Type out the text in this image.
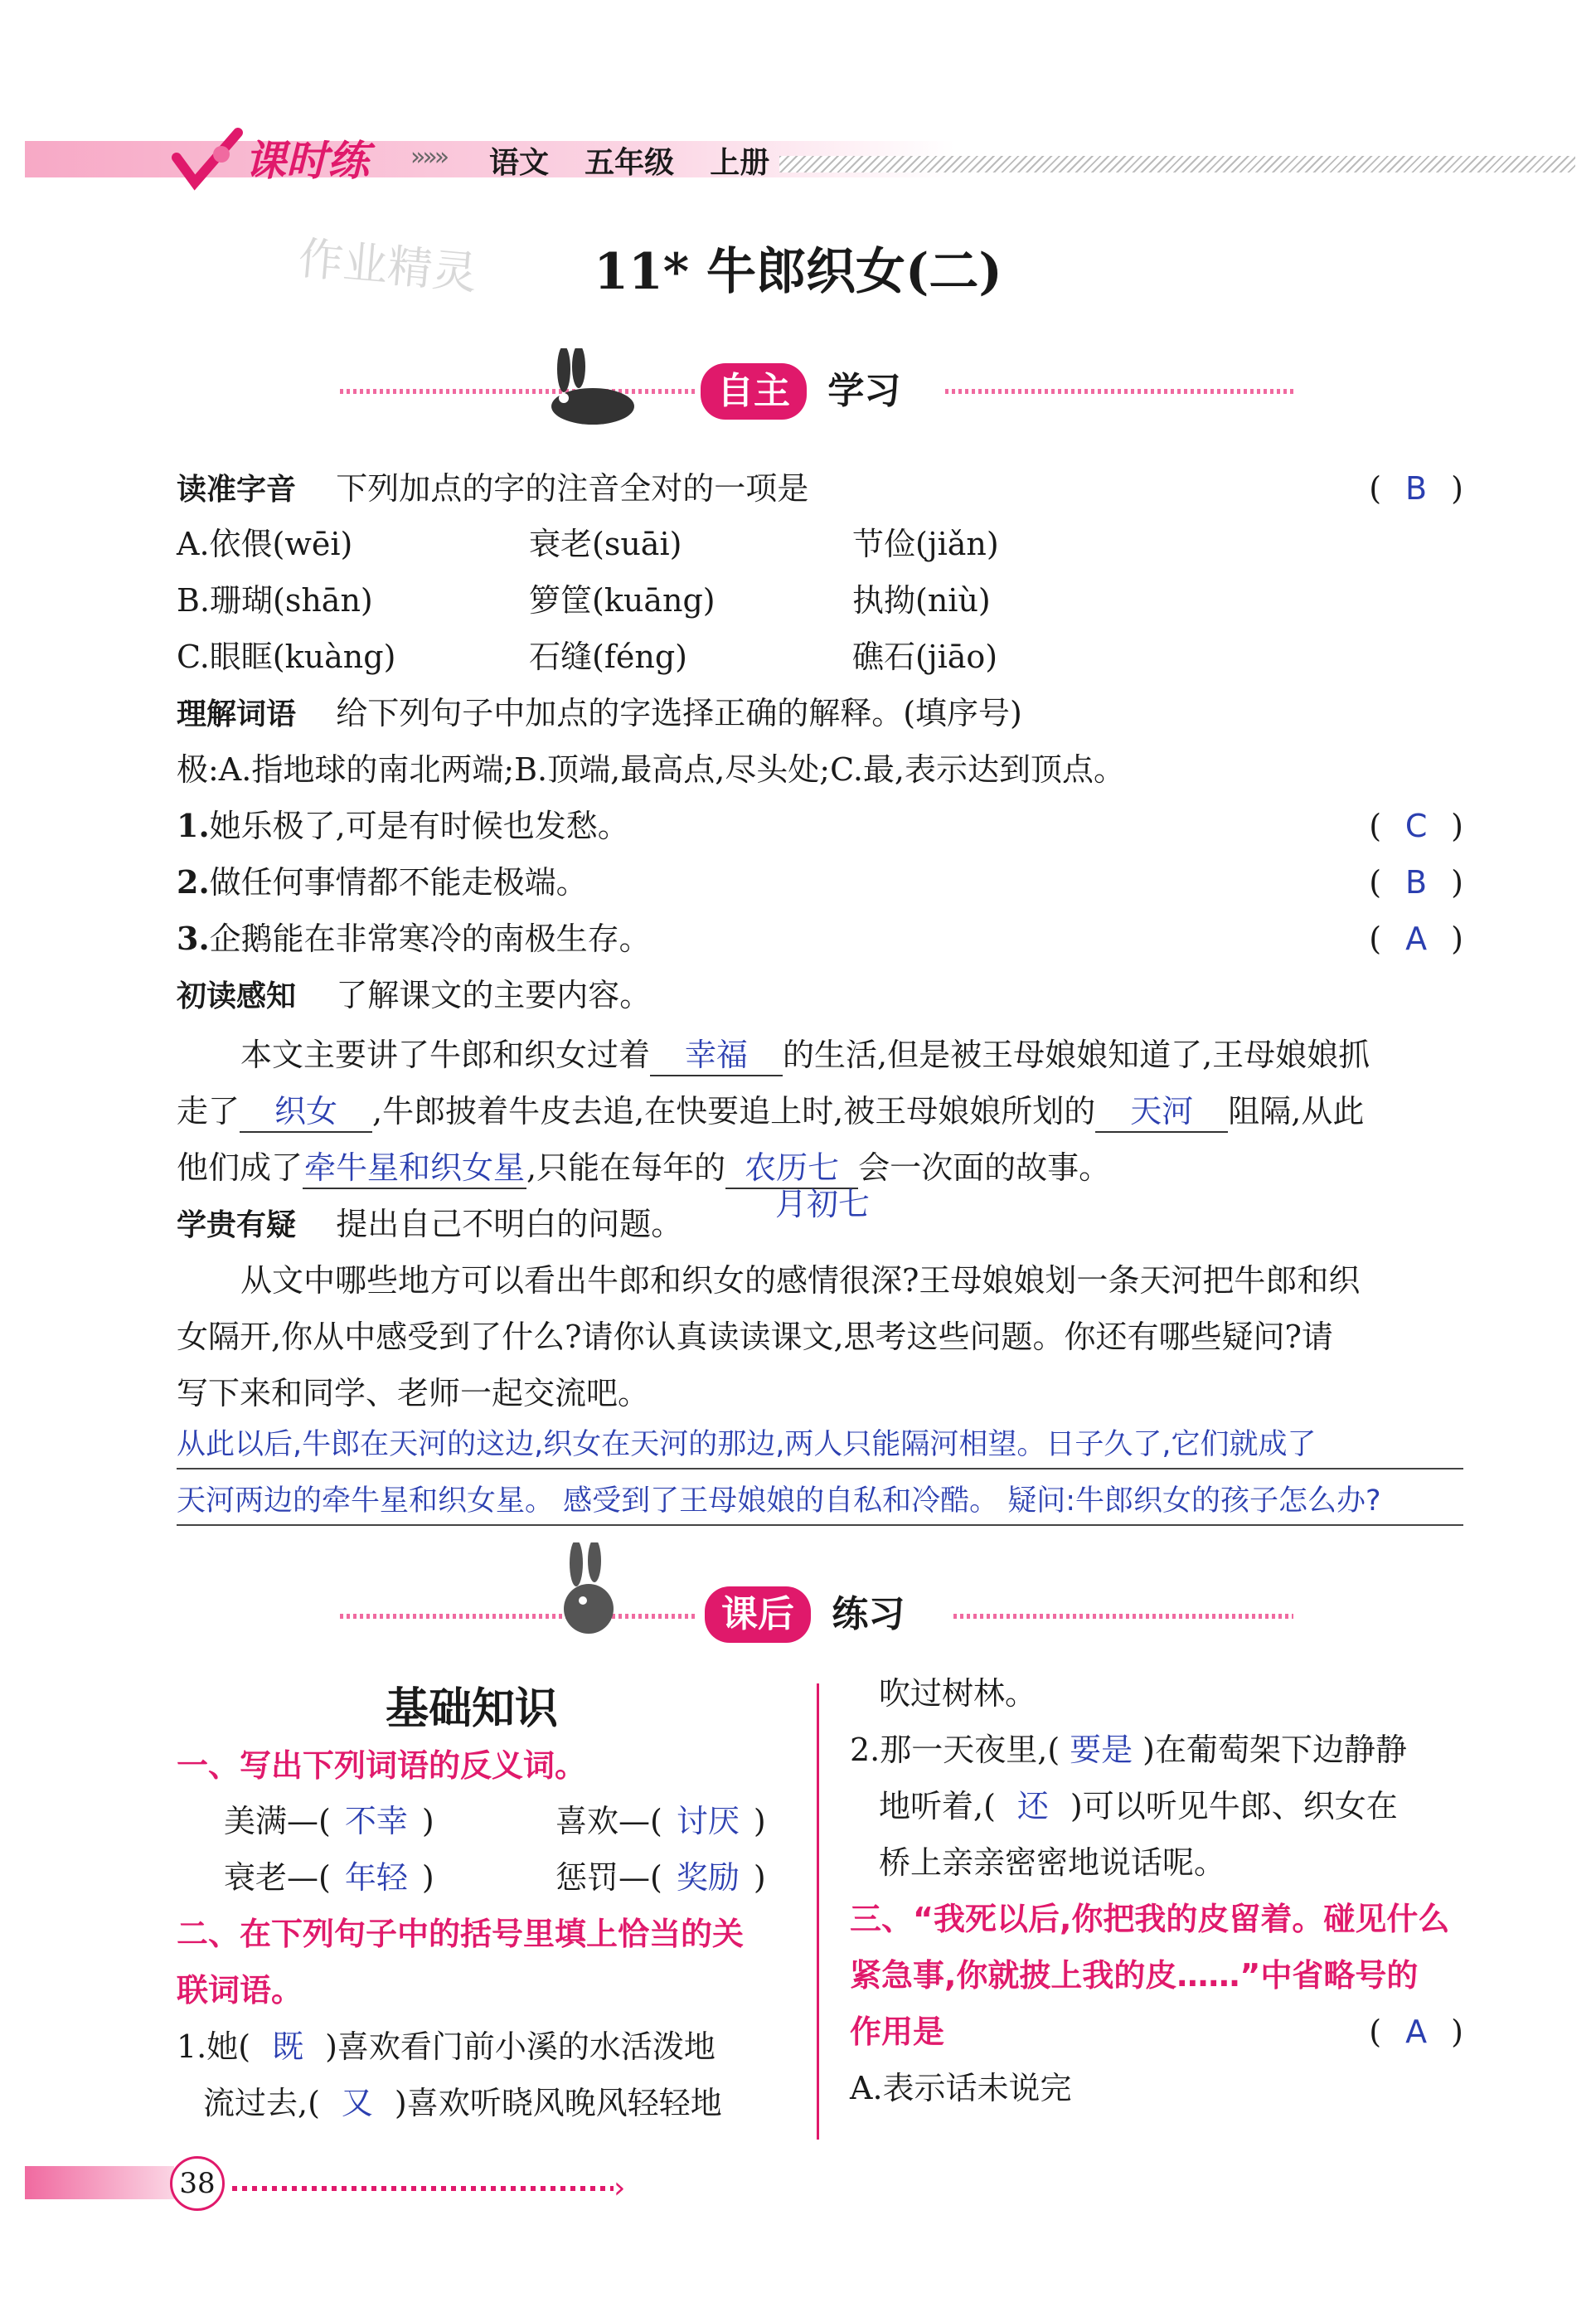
课时练 »»» 语文 五年级 上册
作业精灵	11* 牛郎织女(二)
自主 学习
读准字音 下列加点的字的注音全对的一项是	( B )
A.依偎(wēi)	衰老(suāi)	节俭(jiǎn)
B.珊瑚(shān)	箩筐(kuāng)	执拗(niù)
C.眼眶(kuàng)	石缝(féng)	礁石(jiāo)
理解词语 给下列句子中加点的字选择正确的解释。(填序号)
极:A.指地球的南北两端;B.顶端,最高点,尽头处;C.最,表示达到顶点。
1.她乐极了,可是有时候也发愁。	( C )
2.做任何事情都不能走极端。	( B )
3.企鹅能在非常寒冷的南极生存。	( A )
初读感知 了解课文的主要内容。
本文主要讲了牛郎和织女过着 幸福 的生活,但是被王母娘娘知道了,王母娘娘抓
走了 织女 ,牛郎披着牛皮去追,在快要追上时,被王母娘娘所划的 天河 阻隔,从此
他们成了牵牛星和织女星,只能在每年的 农历七 会一次面的故事。
月初七
学贵有疑 提出自己不明白的问题。
从文中哪些地方可以看出牛郎和织女的感情很深?王母娘娘划一条天河把牛郎和织
女隔开,你从中感受到了什么?请你认真读读课文,思考这些问题。你还有哪些疑问?请
写下来和同学、老师一起交流吧。
从此以后,牛郎在天河的这边,织女在天河的那边,两人只能隔河相望。日子久了,它们就成了
天河两边的牵牛星和织女星。 感受到了王母娘娘的自私和冷酷。 疑问:牛郎织女的孩子怎么办?
课后 练习
基础知识
一、写出下列词语的反义词。
美满—( 不幸 )	喜欢—( 讨厌 )
衰老—( 年轻 )	惩罚—( 奖励 )
二、在下列句子中的括号里填上恰当的关
联词语。
1.她( 既 )喜欢看门前小溪的水活泼地
流过去,( 又 )喜欢听晓风晚风轻轻地
吹过树林。
2.那一天夜里,( 要是 )在葡萄架下边静静
地听着,( 还 )可以听见牛郎、织女在
桥上亲亲密密地说话呢。
三、“我死以后,你把我的皮留着。碰见什么
紧急事,你就披上我的皮……”中省略号的
作用是	( A )
A.表示话未说完
38	›
